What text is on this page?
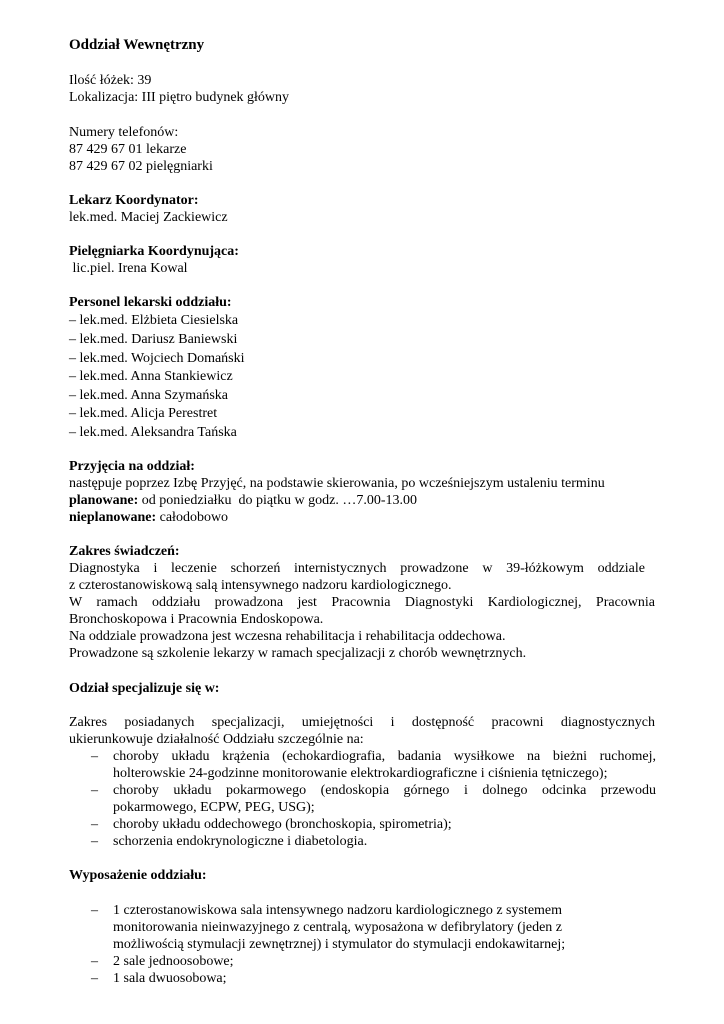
Oddział Wewnętrzny
Ilość łóżek: 39
Lokalizacja: III piętro budynek główny
Numery telefonów:
87 429 67 01 lekarze
87 429 67 02 pielęgniarki
Lekarz Koordynator:
lek.med. Maciej Zackiewicz
Pielęgniarka Koordynująca:
lic.piel. Irena Kowal
Personel lekarski oddziału:
– lek.med. Elżbieta Ciesielska
– lek.med. Dariusz Baniewski
– lek.med. Wojciech Domański
– lek.med. Anna Stankiewicz
– lek.med. Anna Szymańska
– lek.med. Alicja Perestret
– lek.med. Aleksandra Tańska
Przyjęcia na oddział:
następuje poprzez Izbę Przyjęć, na podstawie skierowania, po wcześniejszym ustaleniu terminu
planowane: od poniedziałku  do piątku w godz. …7.00-13.00
nieplanowane: całodobowo
Zakres świadczeń:
Diagnostyka i leczenie schorzeń internistycznych prowadzone w 39-łóżkowym oddziale
z czterostanowiskową salą intensywnego nadzoru kardiologicznego.
W ramach oddziału prowadzona jest Pracownia Diagnostyki Kardiologicznej, Pracownia
Bronchoskopowa i Pracownia Endoskopowa.
Na oddziale prowadzona jest wczesna rehabilitacja i rehabilitacja oddechowa.
Prowadzone są szkolenie lekarzy w ramach specjalizacji z chorób wewnętrznych.
Odział specjalizuje się w:
Zakres posiadanych specjalizacji, umiejętności i dostępność pracowni diagnostycznych
ukierunkowuje działalność Oddziału szczególnie na:
– choroby układu krążenia (echokardiografia, badania wysiłkowe na bieżni ruchomej,
holterowskie 24-godzinne monitorowanie elektrokardiograficzne i ciśnienia tętniczego);
– choroby układu pokarmowego (endoskopia górnego i dolnego odcinka przewodu
pokarmowego, ECPW, PEG, USG);
– choroby układu oddechowego (bronchoskopia, spirometria);
– schorzenia endokrynologiczne i diabetologia.
Wyposażenie oddziału:
– 1 czterostanowiskowa sala intensywnego nadzoru kardiologicznego z systemem
monitorowania nieinwazyjnego z centralą, wyposażona w defibrylatory (jeden z
możliwością stymulacji zewnętrznej) i stymulator do stymulacji endokawitarnej;
– 2 sale jednoosobowe;
– 1 sala dwuosobowa;
